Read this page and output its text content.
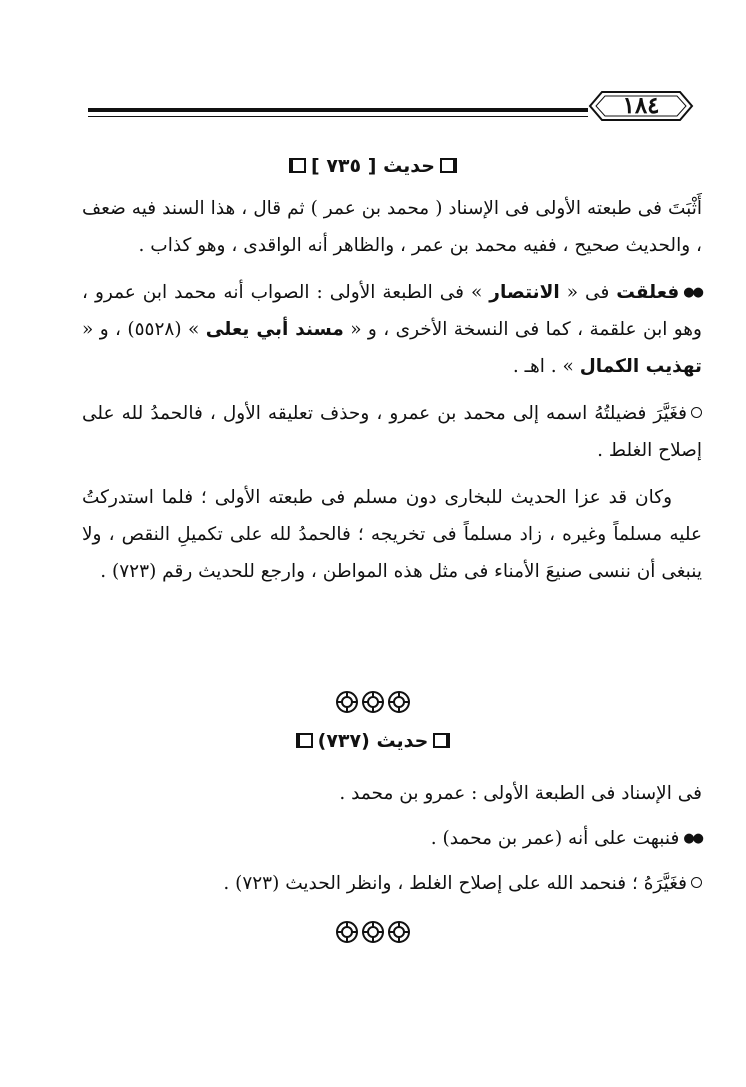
١٨٤
حديث [ ٧٣٥ ]

أَثْبَتَ فى طبعته الأولى فى الإسناد ( محمد بن عمر ) ثم قال ، هذا السند فيه ضعف ، والحديث صحيح ، ففيه محمد بن عمر ، والظاهر أنه الواقدى ، وهو كذاب .

●●فعلقت فى « الانتصار » فى الطبعة الأولى : الصواب أنه محمد ابن عمرو ، وهو ابن علقمة ، كما فى النسخة الأخرى ، و « مسند أبي يعلى » (٥٥٢٨) ، و « تهذيب الكمال » . اهـ .

فغَيَّرَ فضيلتُهُ اسمه إلى محمد بن عمرو ، وحذف تعليقه الأول ، فالحمدُ لله على إصلاح الغلط .

وكان قد عزا الحديث للبخارى دون مسلم فى طبعته الأولى ؛ فلما استدركتُ عليه مسلماً وغيره ، زاد مسلماً فى تخريجه ؛ فالحمدُ لله على تكميلِ النقص ، ولا ينبغى أن ننسى صنيعَ الأمناء فى مثل هذه المواطن ، وارجع للحديث رقم (٧٢٣) .

حديث (٧٣٧)

فى الإسناد فى الطبعة الأولى : عمرو بن محمد .

●●فنبهت على أنه (عمر بن محمد) .

فغَيَّرَهُ ؛ فنحمد الله على إصلاح الغلط ، وانظر الحديث (٧٢٣) .
